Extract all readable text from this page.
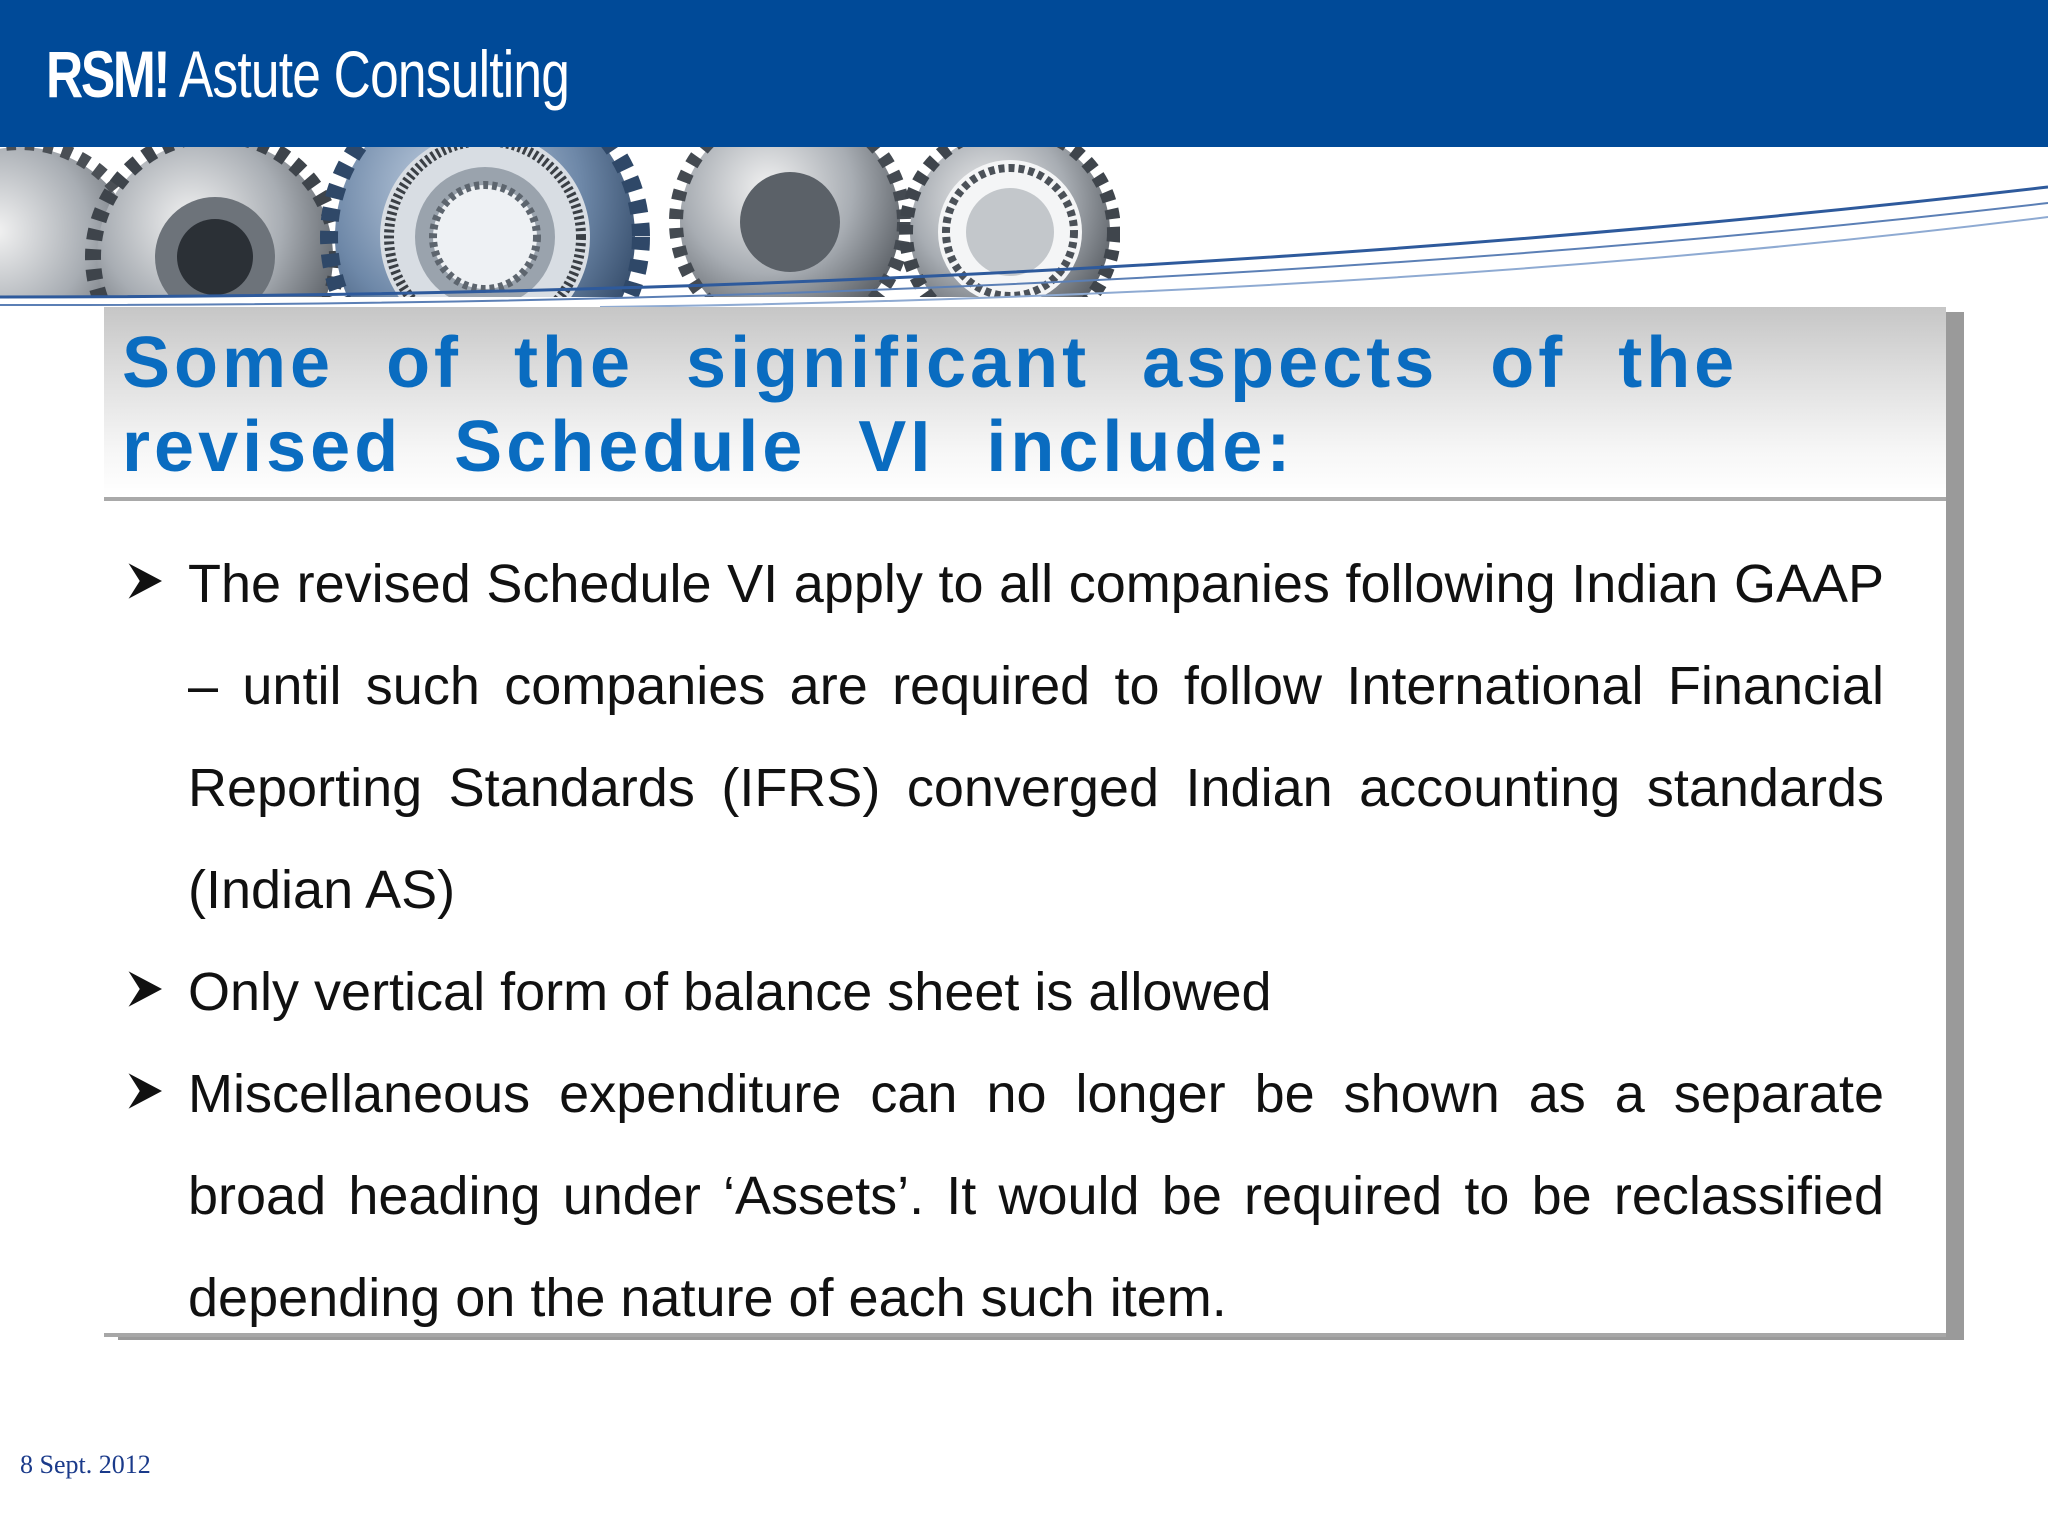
RSM! Astute Consulting
Some of the significant aspects of the revised Schedule VI include:
The revised Schedule VI apply to all companies following Indian GAAP – until such companies are required to follow International Financial Reporting Standards (IFRS) converged Indian accounting standards (Indian AS)
Only vertical form of balance sheet is allowed
Miscellaneous expenditure can no longer be shown as a separate broad heading under ‘Assets’. It would be required to be reclassified depending on the nature of each such item.
8 Sept. 2012
